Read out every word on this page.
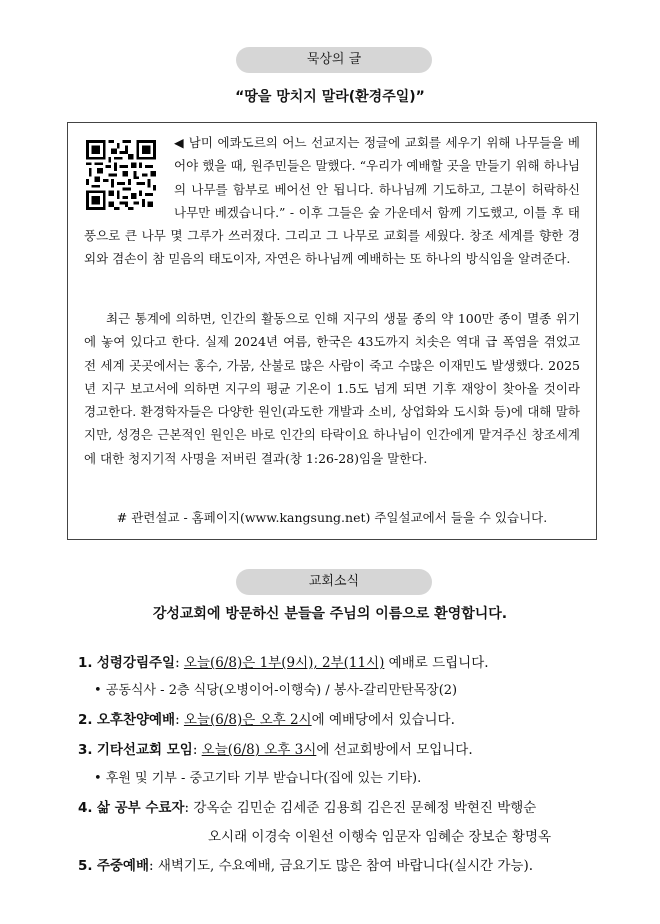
묵상의 글
“땅을 망치지 말라(환경주일)”

◀ 남미 에콰도르의 어느 선교지는 정글에 교회를 세우기 위해 나무들을 베어야 했을 때, 원주민들은 말했다. “우리가 예배할 곳을 만들기 위해 하나님의 나무를 함부로 베어선 안 됩니다. 하나님께 기도하고, 그분이 허락하신 나무만 베겠습니다.” - 이후 그들은 숲 가운데서 함께 기도했고, 이틀 후 태풍으로 큰 나무 몇 그루가 쓰러졌다. 그리고 그 나무로 교회를 세웠다. 창조 세계를 향한 경외와 겸손이 참 믿음의 태도이자, 자연은 하나님께 예배하는 또 하나의 방식임을 알려준다.

최근 통계에 의하면, 인간의 활동으로 인해 지구의 생물 종의 약 100만 종이 멸종 위기에 놓여 있다고 한다. 실제 2024년 여름, 한국은 43도까지 치솟은 역대 급 폭염을 겪었고 전 세계 곳곳에서는 홍수, 가뭄, 산불로 많은 사람이 죽고 수많은 이재민도 발생했다. 2025년 지구 보고서에 의하면 지구의 평균 기온이 1.5도 넘게 되면 기후 재앙이 찾아올 것이라 경고한다. 환경학자들은 다양한 원인(과도한 개발과 소비, 상업화와 도시화 등)에 대해 말하지만, 성경은 근본적인 원인은 바로 인간의 타락이요 하나님이 인간에게 맡겨주신 창조세계에 대한 청지기적 사명을 저버린 결과(창 1:26-28)임을 말한다.

# 관련설교 - 홈페이지(www.kangsung.net) 주일설교에서 들을 수 있습니다.
교회소식
강성교회에 방문하신 분들을 주님의 이름으로 환영합니다.
1. 성령강림주일: 오늘(6/8)은 1부(9시), 2부(11시) 예배로 드립니다.
• 공동식사 - 2층 식당(오병이어-이행숙) / 봉사-갈리만탄목장(2)
2. 오후찬양예배: 오늘(6/8)은 오후 2시에 예배당에서 있습니다.
3. 기타선교회 모임: 오늘(6/8) 오후 3시에 선교회방에서 모입니다.
• 후원 및 기부 - 중고기타 기부 받습니다(집에 있는 기타).
4. 삶 공부 수료자: 강옥순 김민순 김세준 김용희 김은진 문혜정 박현진 박행순
오시래 이경숙 이원선 이행숙 임문자 임혜순 장보순 황명옥
5. 주중예배: 새벽기도, 수요예배, 금요기도 많은 참여 바랍니다(실시간 가능).
